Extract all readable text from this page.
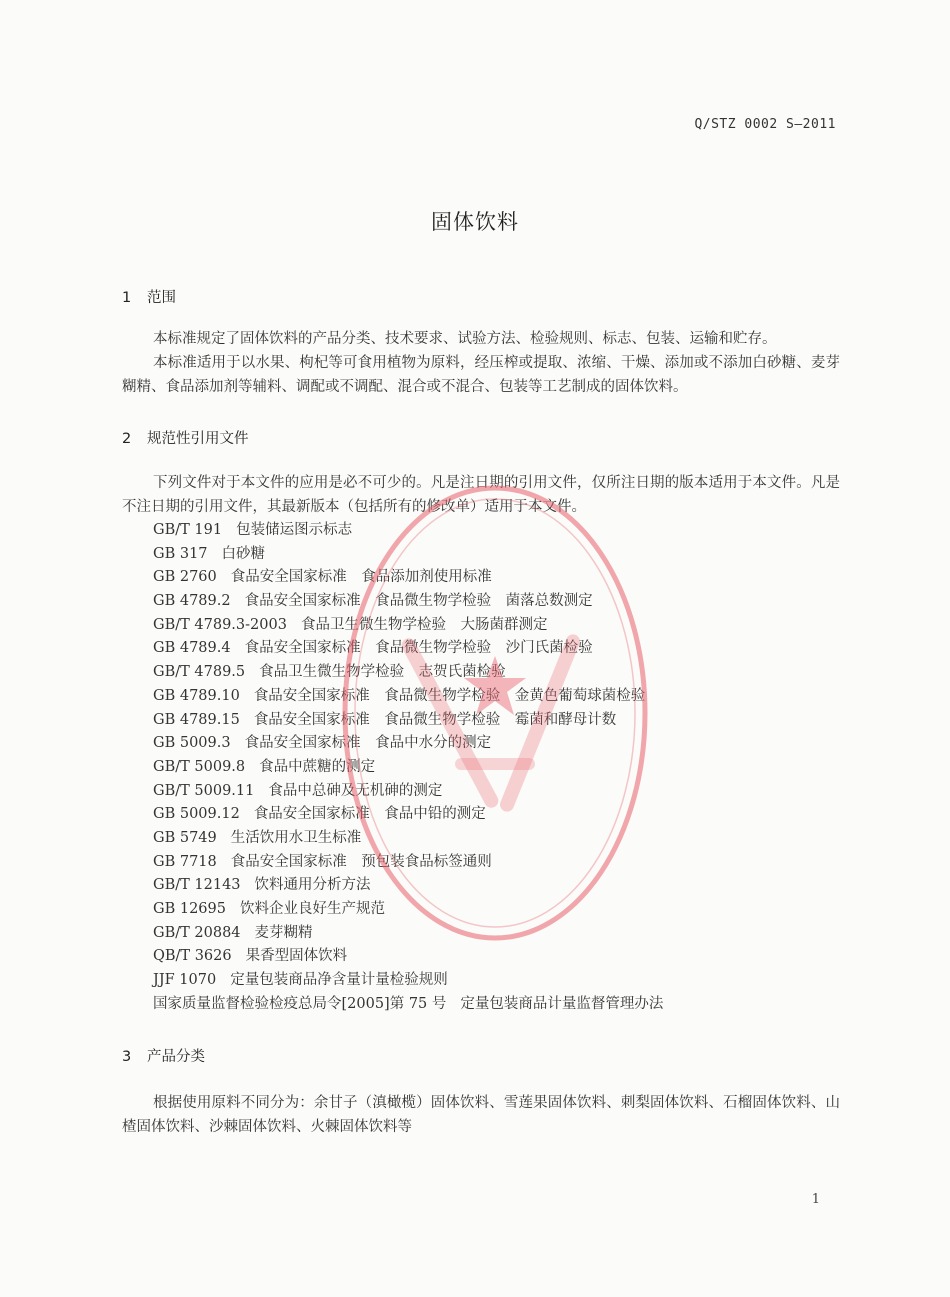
Q/STZ 0002 S—2011
固体饮料
1 范围
本标准规定了固体饮料的产品分类、技术要求、试验方法、检验规则、标志、包装、运输和贮存。
本标准适用于以水果、枸杞等可食用植物为原料，经压榨或提取、浓缩、干燥、添加或不添加白砂糖、麦芽糊精、食品添加剂等辅料、调配或不调配、混合或不混合、包装等工艺制成的固体饮料。
2 规范性引用文件
下列文件对于本文件的应用是必不可少的。凡是注日期的引用文件，仅所注日期的版本适用于本文件。凡是不注日期的引用文件，其最新版本（包括所有的修改单）适用于本文件。
GB/T 191 包装储运图示标志
GB 317 白砂糖
GB 2760 食品安全国家标准　食品添加剂使用标准
GB 4789.2 食品安全国家标准　食品微生物学检验　菌落总数测定
GB/T 4789.3-2003 食品卫生微生物学检验　大肠菌群测定
GB 4789.4 食品安全国家标准　食品微生物学检验　沙门氏菌检验
GB/T 4789.5 食品卫生微生物学检验　志贺氏菌检验
GB 4789.10 食品安全国家标准　食品微生物学检验　金黄色葡萄球菌检验
GB 4789.15 食品安全国家标准　食品微生物学检验　霉菌和酵母计数
GB 5009.3 食品安全国家标准　食品中水分的测定
GB/T 5009.8 食品中蔗糖的测定
GB/T 5009.11 食品中总砷及无机砷的测定
GB 5009.12 食品安全国家标准　食品中铅的测定
GB 5749 生活饮用水卫生标准
GB 7718 食品安全国家标准　预包装食品标签通则
GB/T 12143 饮料通用分析方法
GB 12695 饮料企业良好生产规范
GB/T 20884 麦芽糊精
QB/T 3626 果香型固体饮料
JJF 1070 定量包装商品净含量计量检验规则
国家质量监督检验检疫总局令[2005]第 75 号 定量包装商品计量监督管理办法
3 产品分类
根据使用原料不同分为：余甘子（滇橄榄）固体饮料、雪莲果固体饮料、刺梨固体饮料、石榴固体饮料、山楂固体饮料、沙棘固体饮料、火棘固体饮料等
1
